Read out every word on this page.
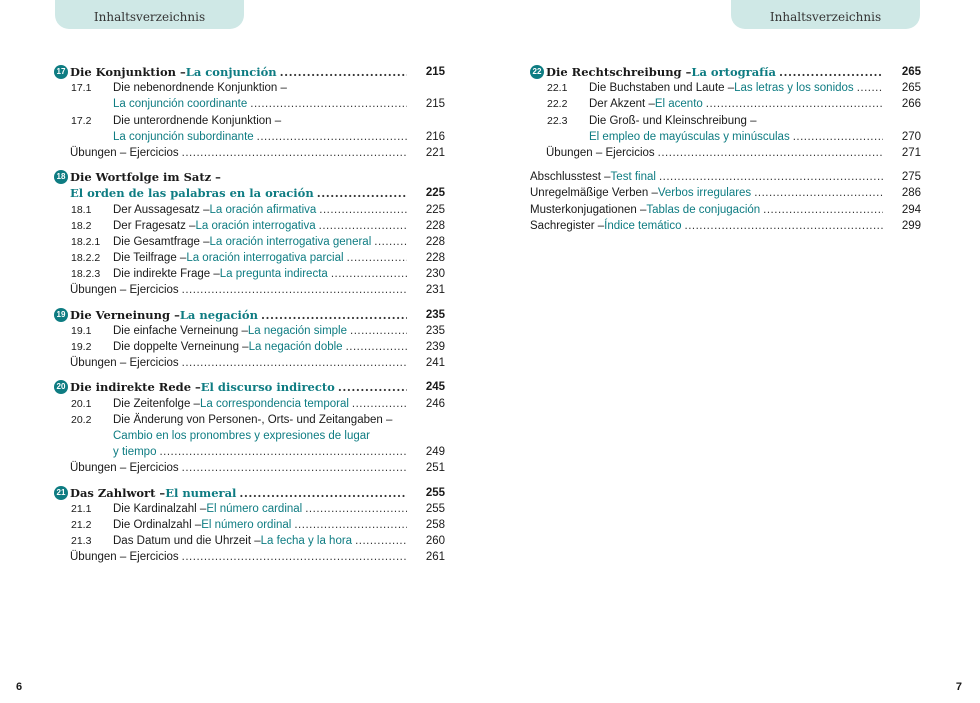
Inhaltsverzeichnis	Inhaltsverzeichnis
17 Die Konjunktion – La conjunción .....	215
17.1 Die nebenordnende Konjunktion –
La conjunción coordinante .....	215
17.2 Die unterordnende Konjunktion –
La conjunción subordinante .....	216
Übungen – Ejercicios .....	221
18 Die Wortfolge im Satz –
El orden de las palabras en la oración .....	225
18.1 Der Aussagesatz – La oración afirmativa .....	225
18.2 Der Fragesatz – La oración interrogativa .....	228
18.2.1 Die Gesamtfrage – La oración interrogativa general .....	228
18.2.2 Die Teilfrage – La oración interrogativa parcial .....	228
18.2.3 Die indirekte Frage – La pregunta indirecta .....	230
Übungen – Ejercicios .....	231
19 Die Verneinung – La negación .....	235
19.1 Die einfache Verneinung – La negación simple .....	235
19.2 Die doppelte Verneinung – La negación doble .....	239
Übungen – Ejercicios .....	241
20 Die indirekte Rede – El discurso indirecto .....	245
20.1 Die Zeitenfolge – La correspondencia temporal .....	246
20.2 Die Änderung von Personen-, Orts- und Zeitangaben –
Cambio en los pronombres y expresiones de lugar
y tiempo .....	249
Übungen – Ejercicios .....	251
21 Das Zahlwort – El numeral .....	255
21.1 Die Kardinalzahl – El número cardinal .....	255
21.2 Die Ordinalzahl – El número ordinal .....	258
21.3 Das Datum und die Uhrzeit – La fecha y la hora .....	260
Übungen – Ejercicios .....	261
22 Die Rechtschreibung – La ortografía .....	265
22.1 Die Buchstaben und Laute – Las letras y los sonidos .....	265
22.2 Der Akzent – El acento .....	266
22.3 Die Groß- und Kleinschreibung –
El empleo de mayúsculas y minúsculas .....	270
Übungen – Ejercicios .....	271
Abschlusstest – Test final .....	275
Unregelmäßige Verben – Verbos irregulares .....	286
Musterkonjugationen – Tablas de conjugación .....	294
Sachregister – Índice temático .....	299
6	7
